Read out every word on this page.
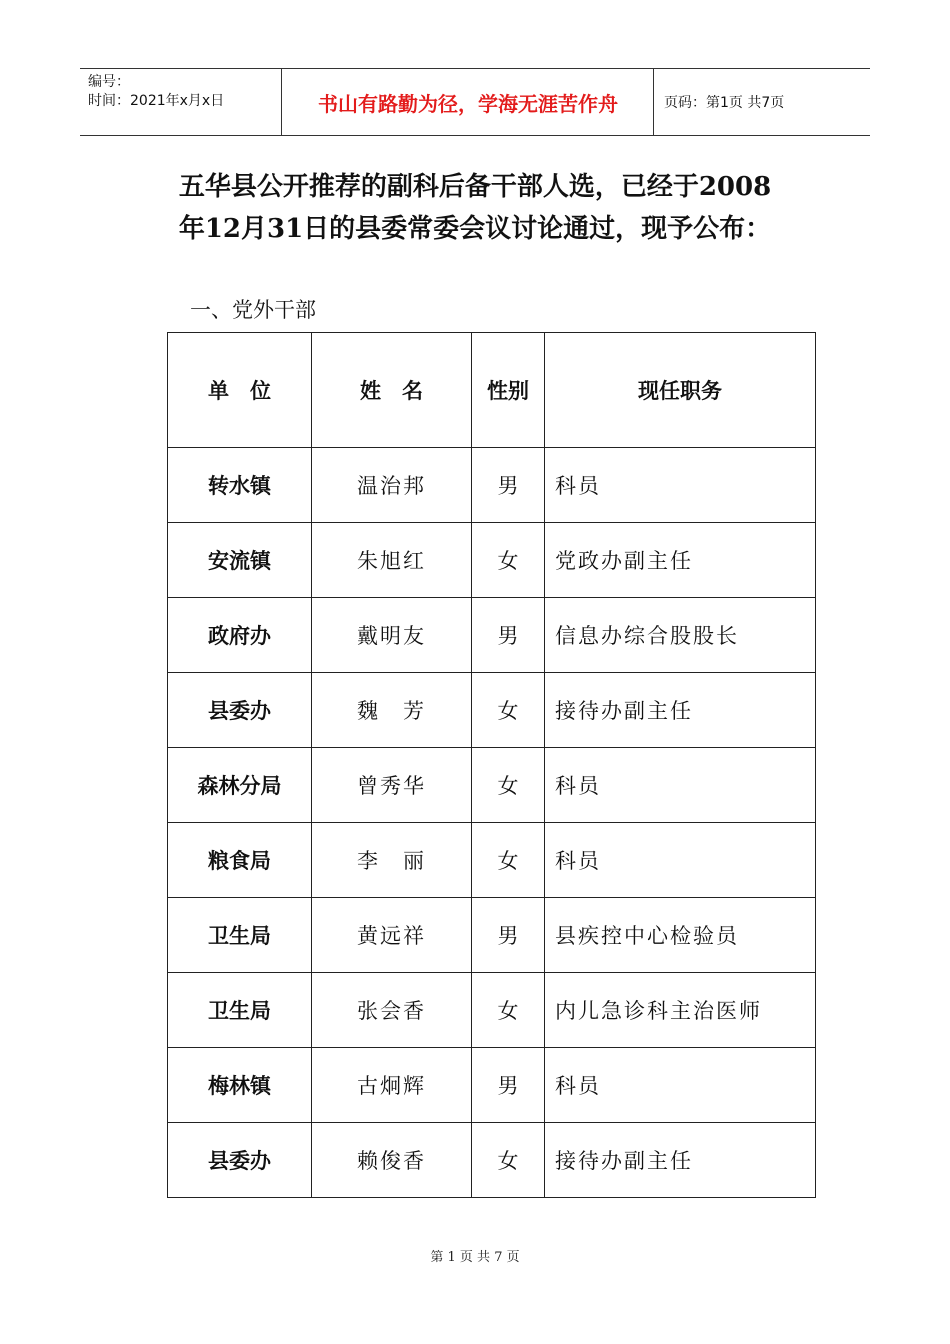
编号：
时间：2021年x月x日	书山有路勤为径，学海无涯苦作舟	页码：第1页 共7页
五华县公开推荐的副科后备干部人选，已经于2008
年12月31日的县委常委会议讨论通过，现予公布：
一、党外干部
单　位	姓　名	性别	现任职务
转水镇	温治邦	男	科员
安流镇	朱旭红	女	党政办副主任
政府办	戴明友	男	信息办综合股股长
县委办	魏　芳	女	接待办副主任
森林分局	曾秀华	女	科员
粮食局	李　丽	女	科员
卫生局	黄远祥	男	县疾控中心检验员
卫生局	张会香	女	内儿急诊科主治医师
梅林镇	古炯辉	男	科员
县委办	赖俊香	女	接待办副主任
第 1 页 共 7 页
